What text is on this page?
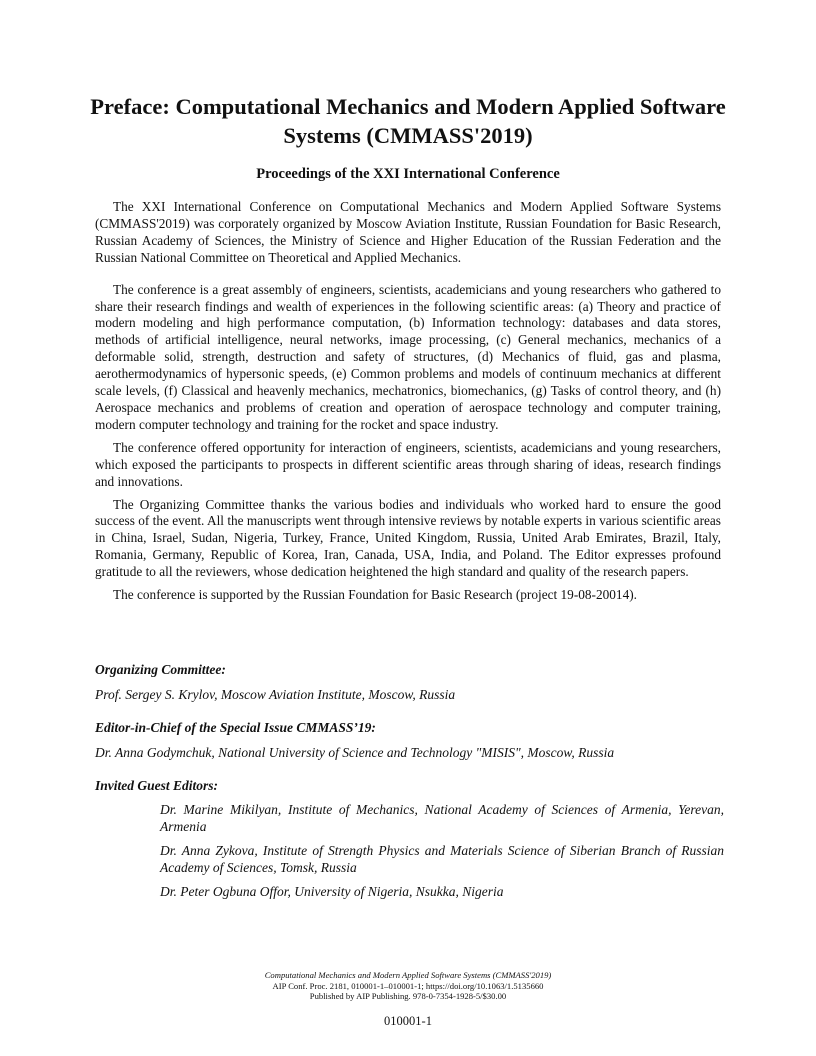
Preface: Computational Mechanics and Modern Applied Software Systems (CMMASS'2019)
Proceedings of the XXI International Conference

The XXI International Conference on Computational Mechanics and Modern Applied Software Systems (CMMASS'2019) was corporately organized by Moscow Aviation Institute, Russian Foundation for Basic Research, Russian Academy of Sciences, the Ministry of Science and Higher Education of the Russian Federation and the Russian National Committee on Theoretical and Applied Mechanics.

The conference is a great assembly of engineers, scientists, academicians and young researchers who gathered to share their research findings and wealth of experiences in the following scientific areas: (a) Theory and practice of modern modeling and high performance computation, (b) Information technology: databases and data stores, methods of artificial intelligence, neural networks, image processing, (c) General mechanics, mechanics of a deformable solid, strength, destruction and safety of structures, (d) Mechanics of fluid, gas and plasma, aerothermodynamics of hypersonic speeds, (e) Common problems and models of continuum mechanics at different scale levels, (f) Classical and heavenly mechanics, mechatronics, biomechanics, (g) Tasks of control theory, and (h) Aerospace mechanics and problems of creation and operation of aerospace technology and computer training, modern computer technology and training for the rocket and space industry.

The conference offered opportunity for interaction of engineers, scientists, academicians and young researchers, which exposed the participants to prospects in different scientific areas through sharing of ideas, research findings and innovations.

The Organizing Committee thanks the various bodies and individuals who worked hard to ensure the good success of the event. All the manuscripts went through intensive reviews by notable experts in various scientific areas in China, Israel, Sudan, Nigeria, Turkey, France, United Kingdom, Russia, United Arab Emirates, Brazil, Italy, Romania, Germany, Republic of Korea, Iran, Canada, USA, India, and Poland. The Editor expresses profound gratitude to all the reviewers, whose dedication heightened the high standard and quality of the research papers.

The conference is supported by the Russian Foundation for Basic Research (project 19-08-20014).

Organizing Committee:

Prof. Sergey S. Krylov, Moscow Aviation Institute, Moscow, Russia

Editor-in-Chief of the Special Issue CMMASS’19:

Dr. Anna Godymchuk, National University of Science and Technology "MISIS", Moscow, Russia

Invited Guest Editors:

Dr. Marine Mikilyan, Institute of Mechanics, National Academy of Sciences of Armenia, Yerevan, Armenia

Dr. Anna Zykova, Institute of Strength Physics and Materials Science of Siberian Branch of Russian Academy of Sciences, Tomsk, Russia

Dr. Peter Ogbuna Offor, University of Nigeria, Nsukka, Nigeria

Computational Mechanics and Modern Applied Software Systems (CMMASS'2019)
AIP Conf. Proc. 2181, 010001-1–010001-1; https://doi.org/10.1063/1.5135660
Published by AIP Publishing. 978-0-7354-1928-5/$30.00
010001-1
